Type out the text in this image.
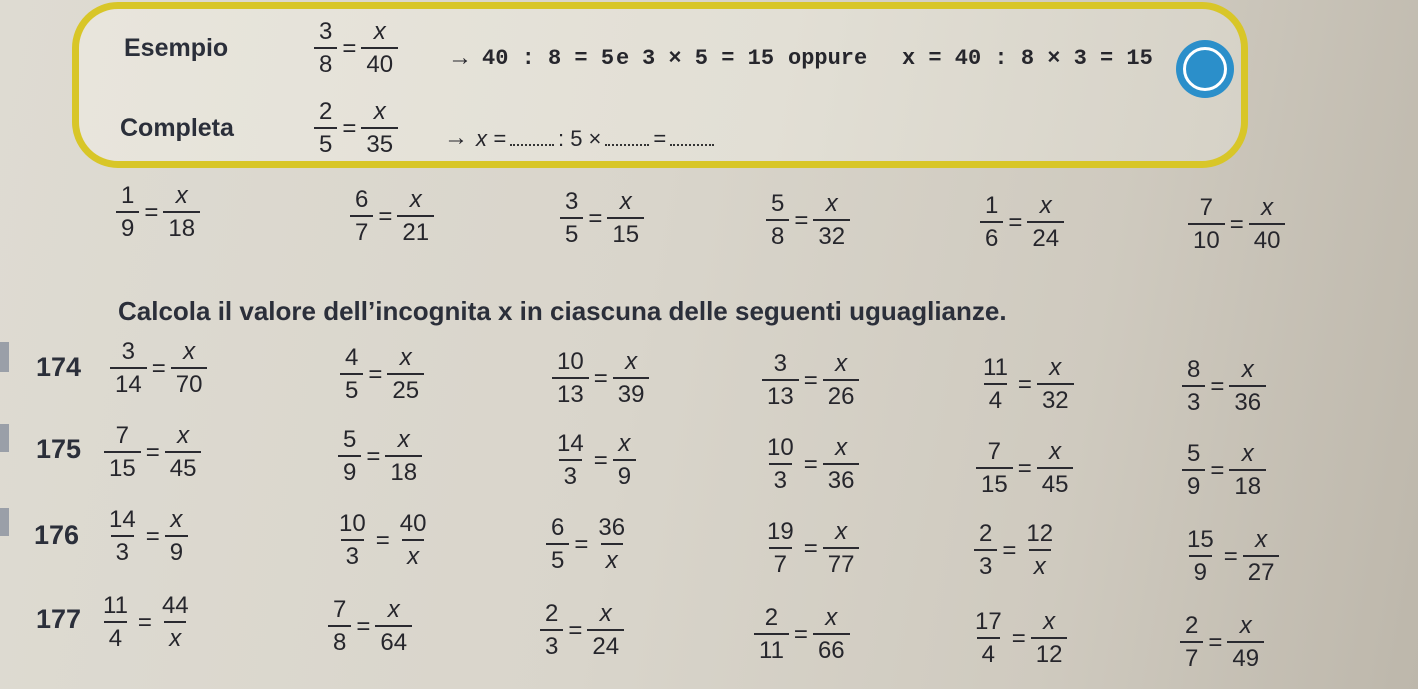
Esempio	$\frac{3}{8} = \frac{x}{40} \to 40$ : 8 = 5 e 3 × 5 = 15 oppure x = 40 : 8 × 3 = 15
Completa	$\frac{2}{5} = \frac{x}{35} \to x$ = : 5 × =
$\frac{1}{9} = \frac{x}{18}$	$\frac{6}{7} = \frac{x}{21}$	$\frac{3}{5} = \frac{x}{15}$	$\frac{5}{8} = \frac{x}{32}$	$\frac{1}{6} = \frac{x}{24}$	$\frac{7}{10} = \frac{x}{40}$
Calcola il valore dell’incognita x in ciascuna delle seguenti uguaglianze.
$174 \frac{3}{14} = \frac{x}{70}$	$\frac{4}{5} = \frac{x}{25}$	$\frac{10}{13} = \frac{x}{39}$	$\frac{3}{13} = \frac{x}{26}$	$\frac{11}{4} = \frac{x}{32}$	$\frac{8}{3} = \frac{x}{36}$
$175 \frac{7}{15} = \frac{x}{45}$	$\frac{5}{9} = \frac{x}{18}$	$\frac{14}{3} = \frac{x}{9}$	$\frac{10}{3} = \frac{x}{36}$	$\frac{7}{15} = \frac{x}{45}$	$\frac{5}{9} = \frac{x}{18}$
$176 \frac{14}{3} = \frac{x}{9}$	$\frac{10}{3} = \frac{40}{x}$	$\frac{6}{5} = \frac{36}{x}$	$\frac{19}{7} = \frac{x}{77}$	$\frac{2}{3} = \frac{12}{x}$	$\frac{15}{9} = \frac{x}{27}$
$177 \frac{11}{4} = \frac{44}{x}$	$\frac{7}{8} = \frac{x}{64}$	$\frac{2}{3} = \frac{x}{24}$	$\frac{2}{11} = \frac{x}{66}$	$\frac{17}{4} = \frac{x}{12}$	$\frac{2}{7} = \frac{x}{49}$
